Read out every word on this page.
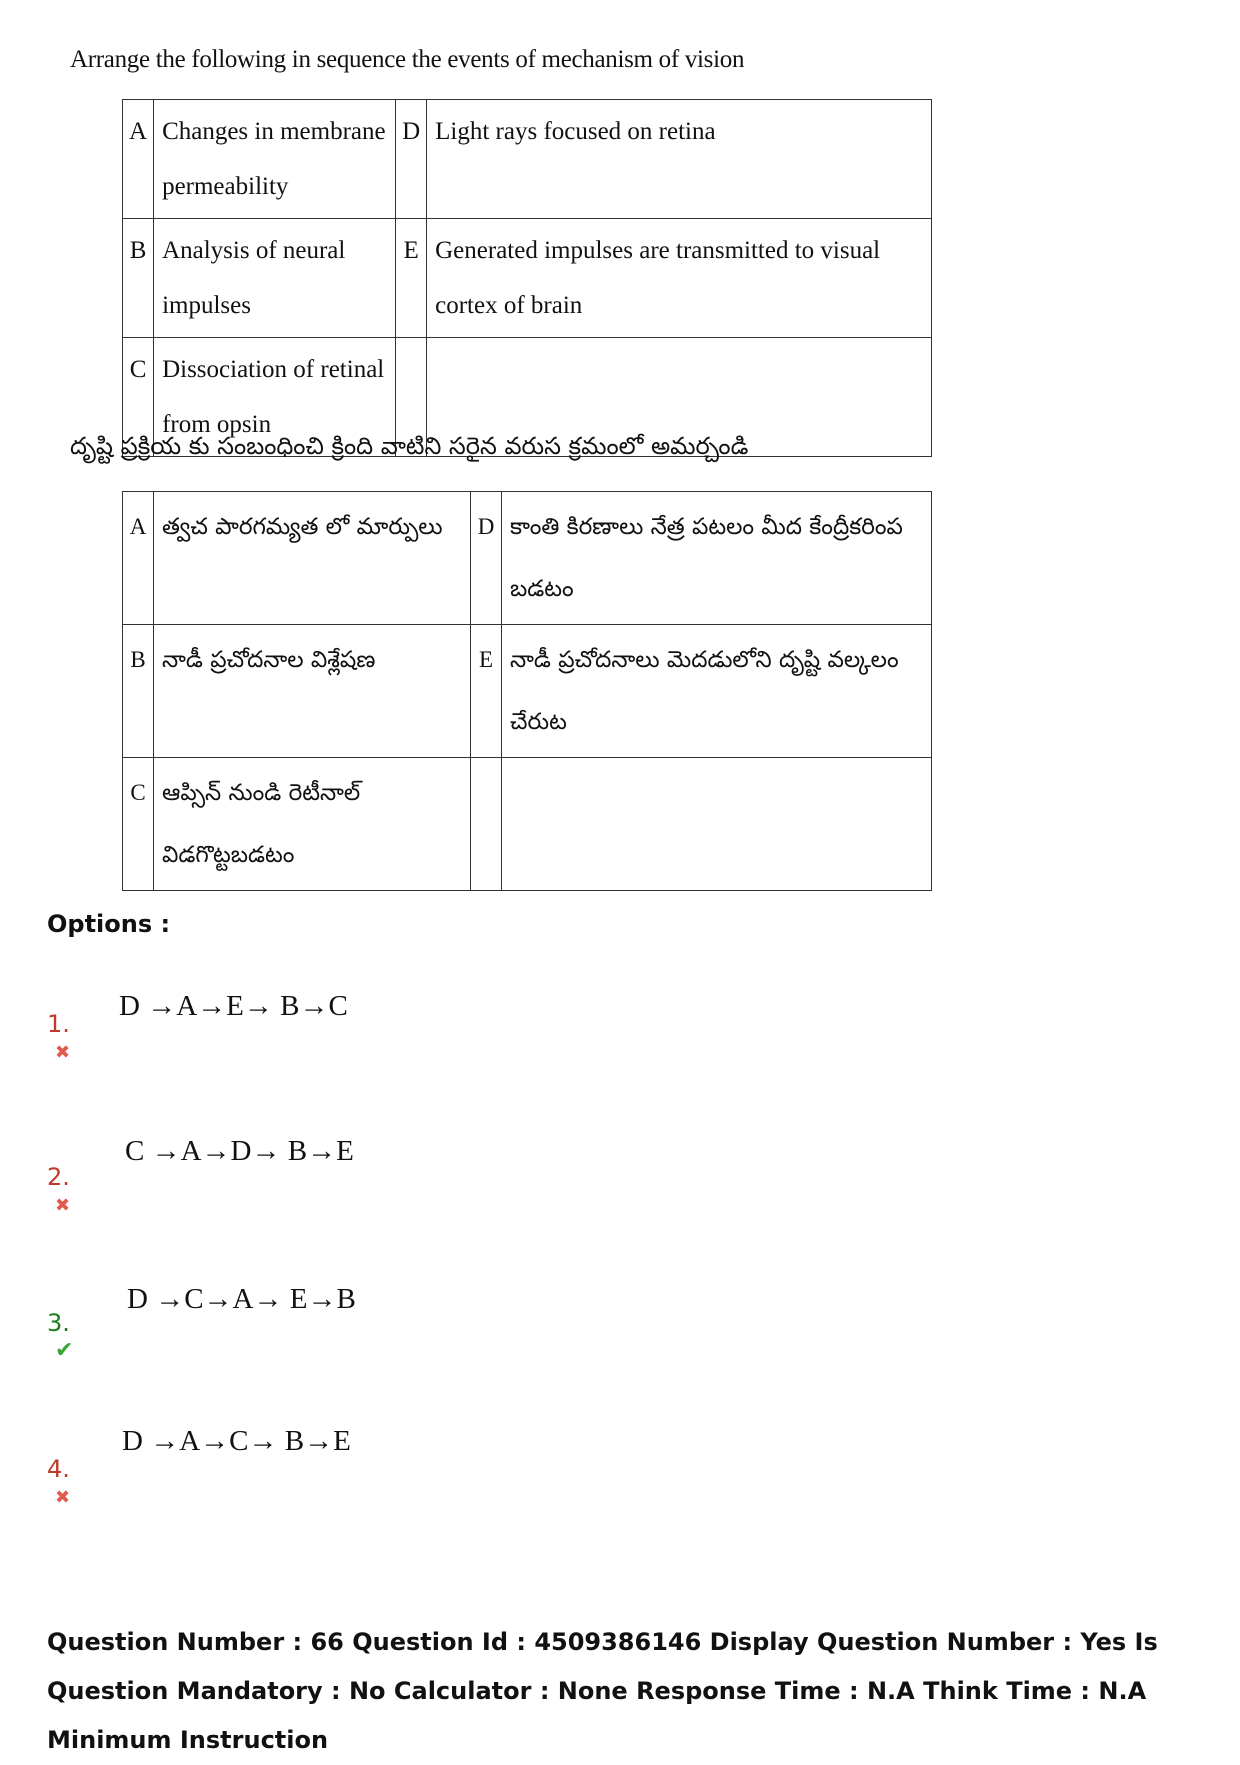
Arrange the following in sequence the events of mechanism of vision
A	Changes in membrane permeability	D	Light rays focused on retina
B	Analysis of neural impulses	E	Generated impulses are transmitted to visual cortex of brain
C	Dissociation of retinal from opsin		
దృష్టి ప్రక్రియ కు సంబంధించి క్రింది వాటిని సరైన వరుస క్రమంలో అమర్చండి
A	త్వచ పారగమ్యత లో మార్పులు	D	కాంతి కిరణాలు నేత్ర పటలం మీద కేంద్రీకరింప బడటం
B	నాడీ ప్రచోదనాల విశ్లేషణ	E	నాడీ ప్రచోదనాలు మెదడులోని దృష్టి వల్కలం చేరుట
C	ఆప్సిన్ నుండి రెటీనాల్ విడగొట్టబడటం		
Options :
1.✖
D →A→E→ B→C
2.✖
C →A→D→ B→E
3.✔
D →C→A→ E→B
4.✖
D →A→C→ B→E
Question Number : 66 Question Id : 4509386146 Display Question Number : Yes Is Question Mandatory : No Calculator : None Response Time : N.A Think Time : N.A Minimum Instruction
